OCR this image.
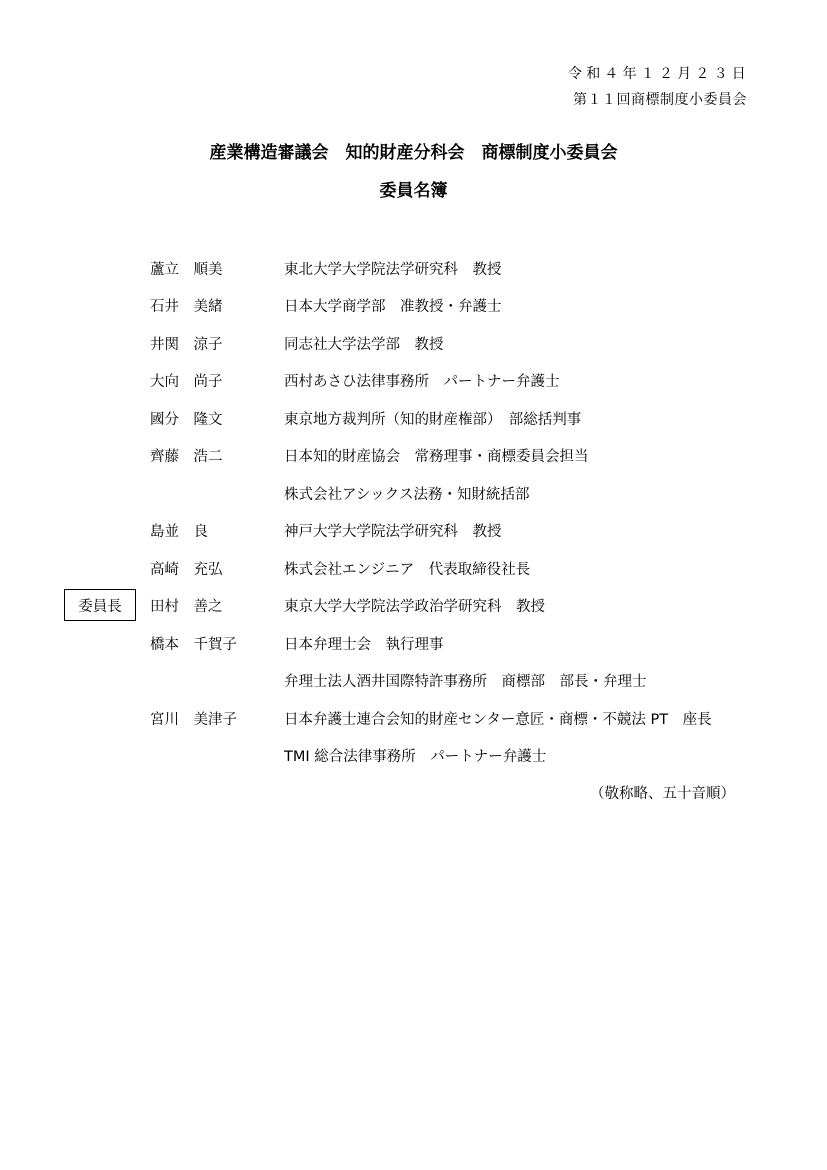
令和４年１２月２３日
第１１回商標制度小委員会
産業構造審議会　知的財産分科会　商標制度小委員会
委員名簿
委員長
蘆立　順美	東北大学大学院法学研究科　教授
石井　美緒	日本大学商学部　准教授・弁護士
井関　涼子	同志社大学法学部　教授
大向　尚子	西村あさひ法律事務所　パートナー弁護士
國分　隆文	東京地方裁判所（知的財産権部）　部総括判事
齊藤　浩二	日本知的財産協会　常務理事・商標委員会担当
株式会社アシックス法務・知財統括部
島並　良	神戸大学大学院法学研究科　教授
高崎　充弘	株式会社エンジニア　代表取締役社長
田村　善之	東京大学大学院法学政治学研究科　教授
橋本　千賀子	日本弁理士会　執行理事
弁理士法人酒井国際特許事務所　商標部　部長・弁理士
宮川　美津子	日本弁護士連合会知的財産センター意匠・商標・不競法 PT　座長
TMI 総合法律事務所　パートナー弁護士
（敬称略、五十音順）
